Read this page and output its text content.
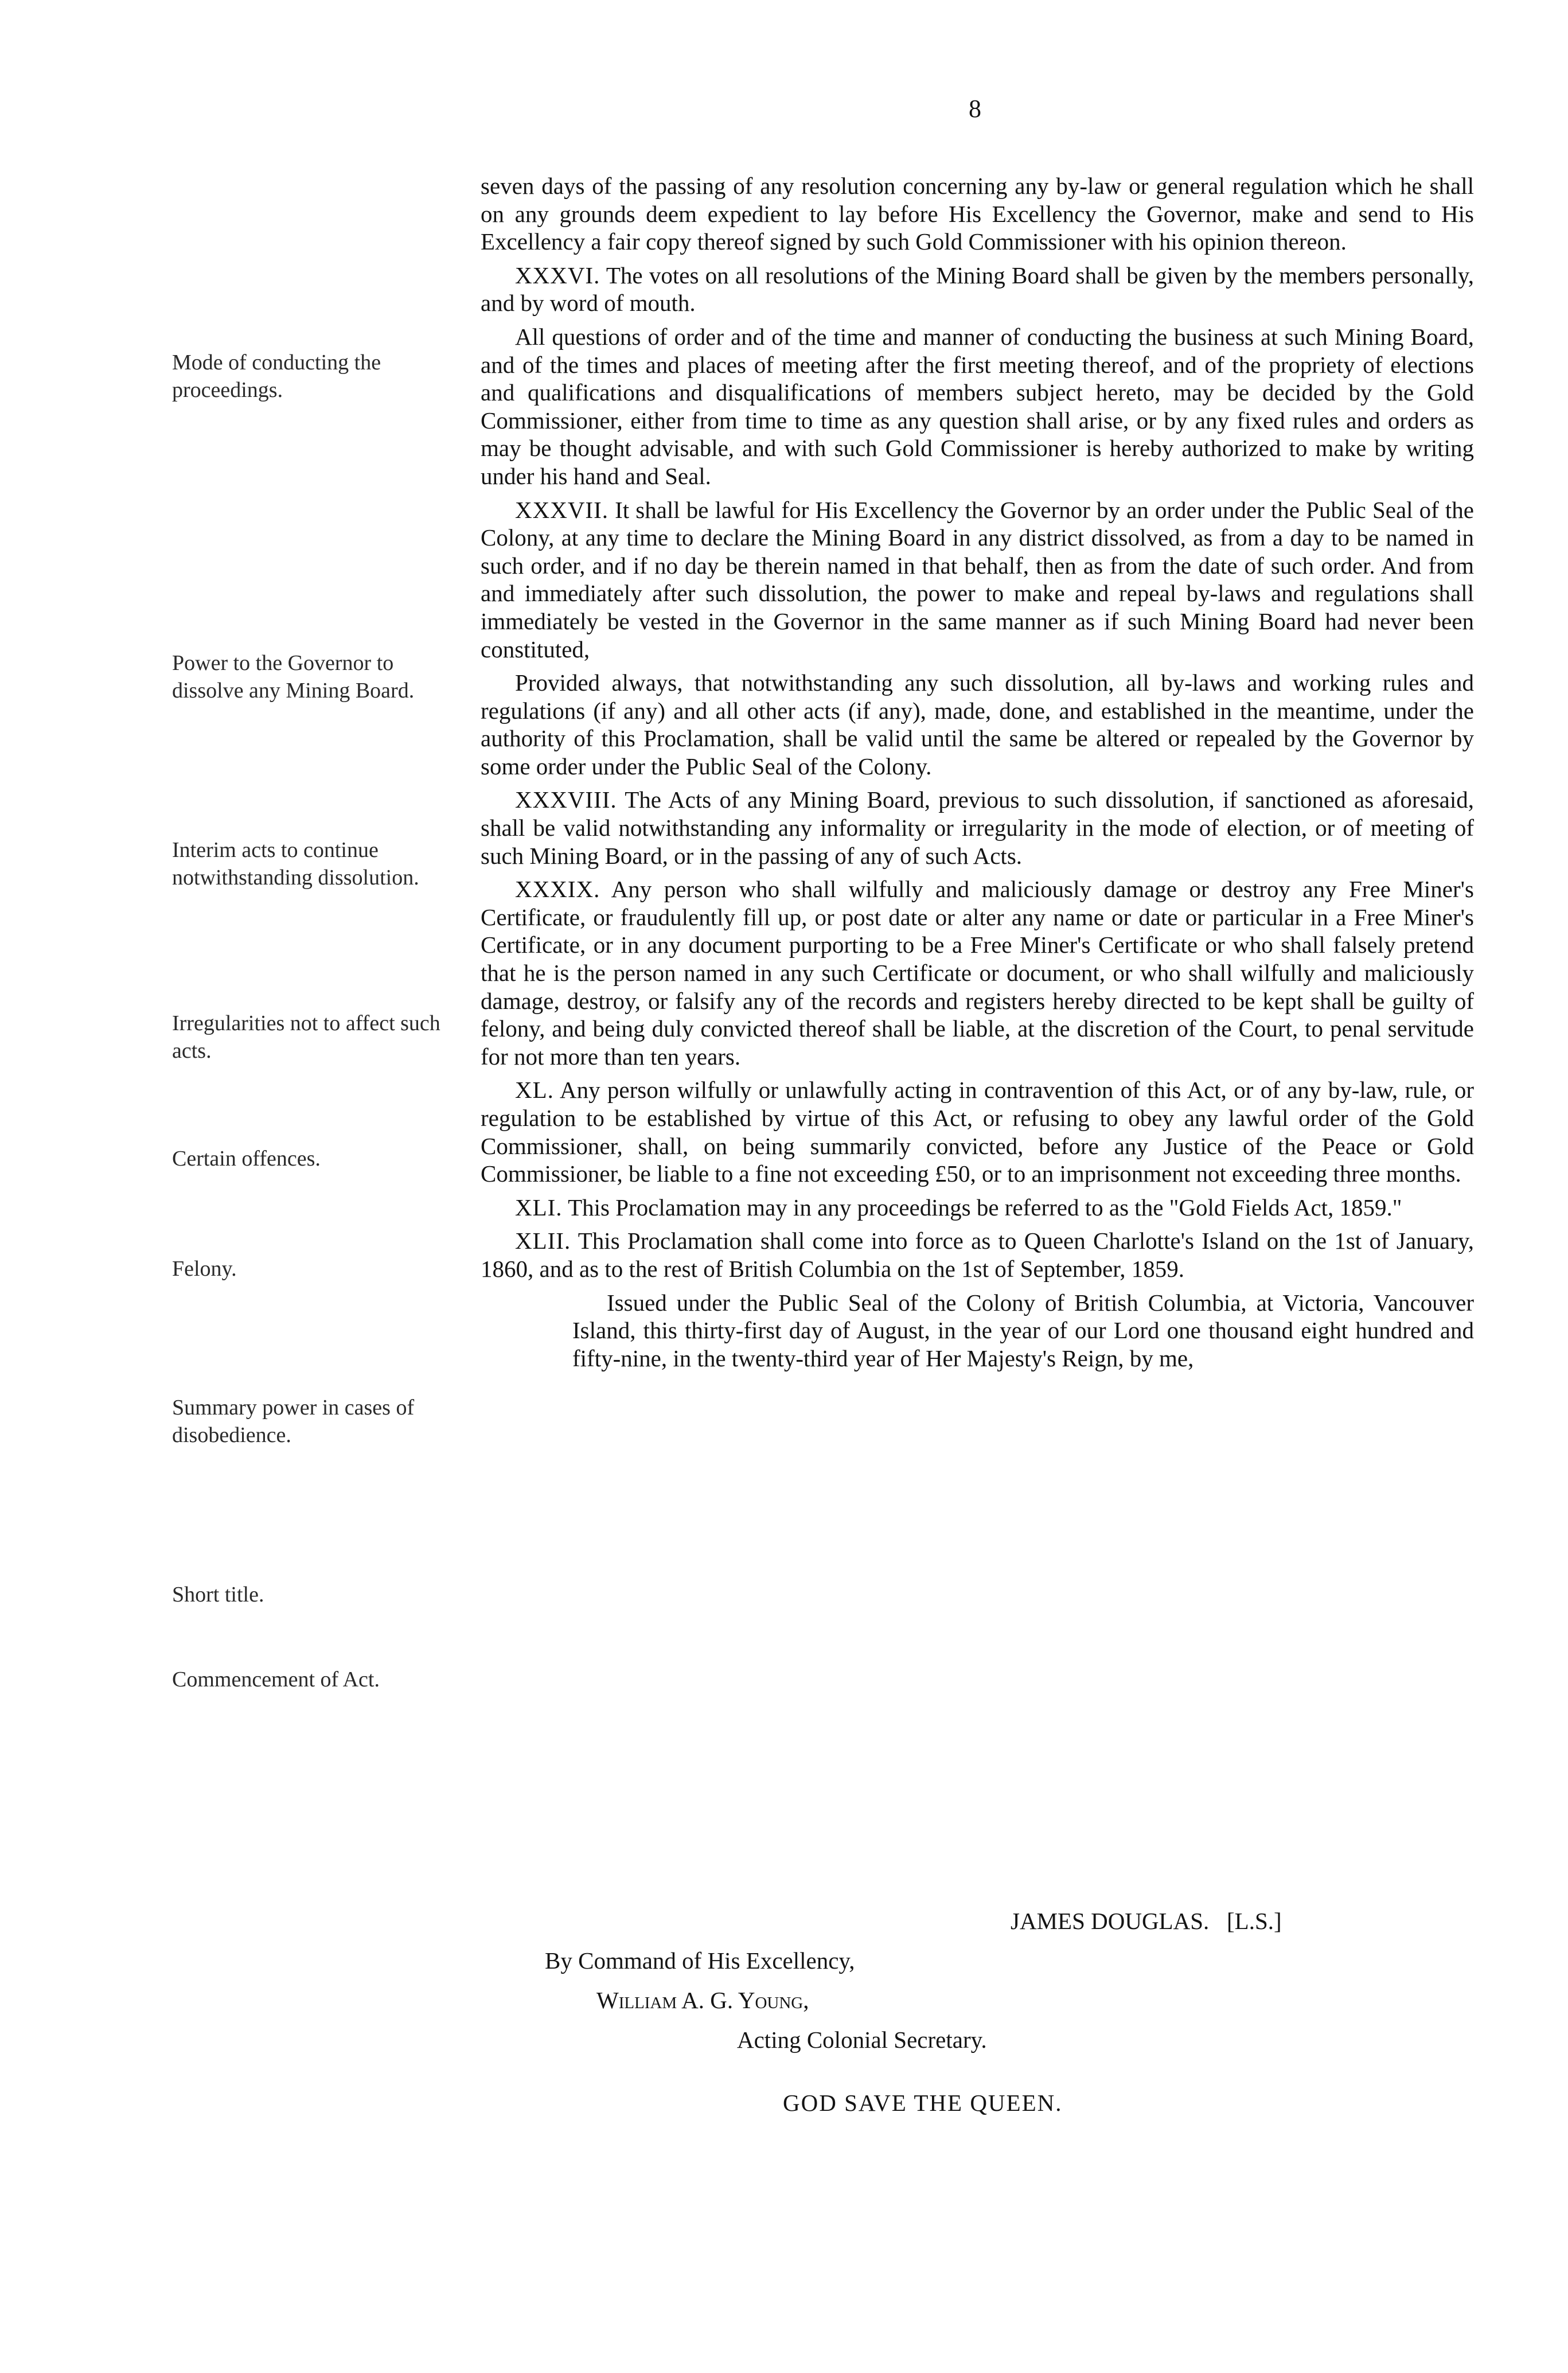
8

Mode of conducting the proceedings.

Power to the Governor to dissolve any Mining Board.

Interim acts to continue notwithstanding dissolution.

Irregularities not to affect such acts.

Certain offences.

Felony.

Summary power in cases of disobedience.

Short title.

Commencement of Act.

seven days of the passing of any resolution concerning any by-law or general regulation which he shall on any grounds deem expedient to lay before His Excellency the Governor, make and send to His Excellency a fair copy thereof signed by such Gold Commissioner with his opinion thereon.

XXXVI. The votes on all resolutions of the Mining Board shall be given by the members personally, and by word of mouth.

All questions of order and of the time and manner of conducting the business at such Mining Board, and of the times and places of meeting after the first meeting thereof, and of the propriety of elections and qualifications and disqualifications of members subject hereto, may be decided by the Gold Commissioner, either from time to time as any question shall arise, or by any fixed rules and orders as may be thought advisable, and with such Gold Commissioner is hereby authorized to make by writing under his hand and Seal.

XXXVII. It shall be lawful for His Excellency the Governor by an order under the Public Seal of the Colony, at any time to declare the Mining Board in any district dissolved, as from a day to be named in such order, and if no day be therein named in that behalf, then as from the date of such order. And from and immediately after such dissolution, the power to make and repeal by-laws and regulations shall immediately be vested in the Governor in the same manner as if such Mining Board had never been constituted,

Provided always, that notwithstanding any such dissolution, all by-laws and working rules and regulations (if any) and all other acts (if any), made, done, and established in the meantime, under the authority of this Proclamation, shall be valid until the same be altered or repealed by the Governor by some order under the Public Seal of the Colony.

XXXVIII. The Acts of any Mining Board, previous to such dissolution, if sanctioned as aforesaid, shall be valid notwithstanding any informality or irregularity in the mode of election, or of meeting of such Mining Board, or in the passing of any of such Acts.

XXXIX. Any person who shall wilfully and maliciously damage or destroy any Free Miner's Certificate, or fraudulently fill up, or post date or alter any name or date or particular in a Free Miner's Certificate, or in any document purporting to be a Free Miner's Certificate or who shall falsely pretend that he is the person named in any such Certificate or document, or who shall wilfully and maliciously damage, destroy, or falsify any of the records and registers hereby directed to be kept shall be guilty of felony, and being duly convicted thereof shall be liable, at the discretion of the Court, to penal servitude for not more than ten years.

XL. Any person wilfully or unlawfully acting in contravention of this Act, or of any by-law, rule, or regulation to be established by virtue of this Act, or refusing to obey any lawful order of the Gold Commissioner, shall, on being summarily convicted, before any Justice of the Peace or Gold Commissioner, be liable to a fine not exceeding £50, or to an imprisonment not exceeding three months.

XLI. This Proclamation may in any proceedings be referred to as the "Gold Fields Act, 1859."

XLII. This Proclamation shall come into force as to Queen Charlotte's Island on the 1st of January, 1860, and as to the rest of British Columbia on the 1st of September, 1859.

Issued under the Public Seal of the Colony of British Columbia, at Victoria, Vancouver Island, this thirty-first day of August, in the year of our Lord one thousand eight hundred and fifty-nine, in the twenty-third year of Her Majesty's Reign, by me,

JAMES DOUGLAS. [L.S.]
By Command of His Excellency,
William A. G. Young,
Acting Colonial Secretary.
GOD SAVE THE QUEEN.
